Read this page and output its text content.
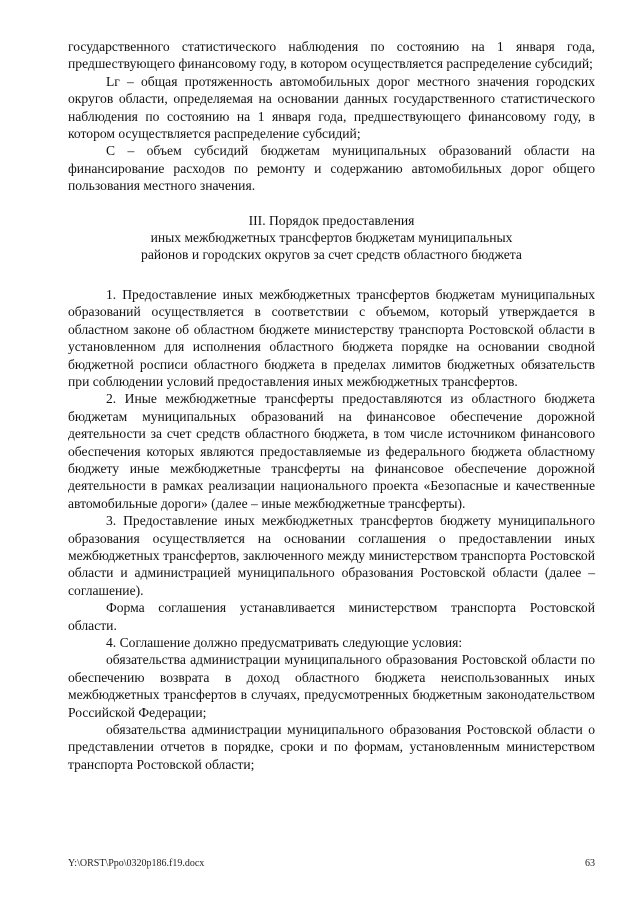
государственного статистического наблюдения по состоянию на 1 января года, предшествующего финансовому году, в котором осуществляется распределение субсидий;

Lг – общая протяженность автомобильных дорог местного значения городских округов области, определяемая на основании данных государственного статистического наблюдения по состоянию на 1 января года, предшествующего финансовому году, в котором осуществляется распределение субсидий;

С – объем субсидий бюджетам муниципальных образований области на финансирование расходов по ремонту и содержанию автомобильных дорог общего пользования местного значения.

III. Порядок предоставления
иных межбюджетных трансфертов бюджетам муниципальных
районов и городских округов за счет средств областного бюджета

1. Предоставление иных межбюджетных трансфертов бюджетам муниципальных образований осуществляется в соответствии с объемом, который утверждается в областном законе об областном бюджете министерству транспорта Ростовской области в установленном для исполнения областного бюджета порядке на основании сводной бюджетной росписи областного бюджета в пределах лимитов бюджетных обязательств при соблюдении условий предоставления иных межбюджетных трансфертов.

2. Иные межбюджетные трансферты предоставляются из областного бюджета бюджетам муниципальных образований на финансовое обеспечение дорожной деятельности за счет средств областного бюджета, в том числе источником финансового обеспечения которых являются предоставляемые из федерального бюджета областному бюджету иные межбюджетные трансферты на финансовое обеспечение дорожной деятельности в рамках реализации национального проекта «Безопасные и качественные автомобильные дороги» (далее – иные межбюджетные трансферты).

3. Предоставление иных межбюджетных трансфертов бюджету муниципального образования осуществляется на основании соглашения о предоставлении иных межбюджетных трансфертов, заключенного между министерством транспорта Ростовской области и администрацией муниципального образования Ростовской области (далее – соглашение).

Форма соглашения устанавливается министерством транспорта Ростовской области.

4. Соглашение должно предусматривать следующие условия:

обязательства администрации муниципального образования Ростовской области по обеспечению возврата в доход областного бюджета неиспользованных иных межбюджетных трансфертов в случаях, предусмотренных бюджетным законодательством Российской Федерации;

обязательства администрации муниципального образования Ростовской области о представлении отчетов в порядке, сроки и по формам, установленным министерством транспорта Ростовской области;

Y:\ORST\Ppo\0320p186.f19.docx	63
